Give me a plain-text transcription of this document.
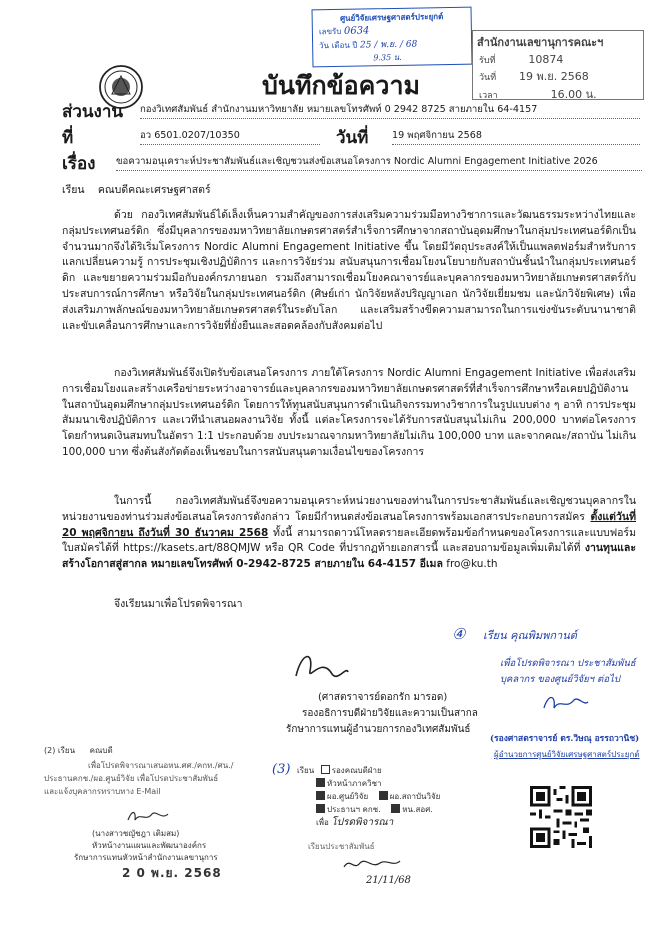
ศูนย์วิจัยเศรษฐศาสตร์ประยุกต์
เลขรับ 0634
วัน เดือน ปี 25 / พ.ย. / 68
9.35 น.
สำนักงานเลขานุการคณะฯ
รับที่	10874
วันที่ 19 พ.ย. 2568
เวลา	16.00 น.
บันทึกข้อความ
ส่วนงาน กองวิเทศสัมพันธ์ สำนักงานมหาวิทยาลัย หมายเลขโทรศัพท์ 0 2942 8725 สายภายใน 64-4157
ที่	อว 6501.0207/10350	วันที่ 19 พฤศจิกายน 2568
เรื่อง ขอความอนุเคราะห์ประชาสัมพันธ์และเชิญชวนส่งข้อเสนอโครงการ Nordic Alumni Engagement Initiative 2026
เรียน คณบดีคณะเศรษฐศาสตร์
ด้วย กองวิเทศสัมพันธ์ได้เล็งเห็นความสำคัญของการส่งเสริมความร่วมมือทางวิชาการและวัฒนธรรมระหว่างไทยและกลุ่มประเทศนอร์ดิก ซึ่งมีบุคลากรของมหาวิทยาลัยเกษตรศาสตร์สำเร็จการศึกษาจากสถาบันอุดมศึกษาในกลุ่มประเทศนอร์ดิกเป็นจำนวนมากจึงได้ริเริ่มโครงการ Nordic Alumni Engagement Initiative ขึ้น โดยมีวัตถุประสงค์ให้เป็นแพลตฟอร์มสำหรับการแลกเปลี่ยนความรู้ การประชุมเชิงปฏิบัติการ และการวิจัยร่วม สนับสนุนการเชื่อมโยงนโยบายกับสถาบันชั้นนำในกลุ่มประเทศนอร์ดิก และขยายความร่วมมือกับองค์กรภายนอก รวมถึงสามารถเชื่อมโยงคณาจารย์และบุคลากรของมหาวิทยาลัยเกษตรศาสตร์กับประสบการณ์การศึกษา หรือวิจัยในกลุ่มประเทศนอร์ดิก (ศิษย์เก่า นักวิจัยหลังปริญญาเอก นักวิจัยเยี่ยมชม และนักวิจัยพิเศษ) เพื่อส่งเสริมภาพลักษณ์ของมหาวิทยาลัยเกษตรศาสตร์ในระดับโลก และเสริมสร้างขีดความสามารถในการแข่งขันระดับนานาชาติ และขับเคลื่อนการศึกษาและการวิจัยที่ยั่งยืนและสอดคล้องกับสังคมต่อไป
กองวิเทศสัมพันธ์จึงเปิดรับข้อเสนอโครงการ ภายใต้โครงการ Nordic Alumni Engagement Initiative เพื่อส่งเสริมการเชื่อมโยงและสร้างเครือข่ายระหว่างอาจารย์และบุคลากรของมหาวิทยาลัยเกษตรศาสตร์ที่สำเร็จการศึกษาหรือเคยปฏิบัติงานในสถาบันอุดมศึกษากลุ่มประเทศนอร์ดิก โดยการให้ทุนสนับสนุนการดำเนินกิจกรรมทางวิชาการในรูปแบบต่าง ๆ อาทิ การประชุมสัมมนาเชิงปฏิบัติการ และเวทีนำเสนอผลงานวิจัย ทั้งนี้ แต่ละโครงการจะได้รับการสนับสนุนไม่เกิน 200,000 บาทต่อโครงการ โดยกำหนดเงินสมทบในอัตรา 1:1 ประกอบด้วย งบประมาณจากมหาวิทยาลัยไม่เกิน 100,000 บาท และจากคณะ/สถาบัน ไม่เกิน 100,000 บาท ซึ่งต้นสังกัดต้องเห็นชอบในการสนับสนุนตามเงื่อนไขของโครงการ
ในการนี้ กองวิเทศสัมพันธ์จึงขอความอนุเคราะห์หน่วยงานของท่านในการประชาสัมพันธ์และเชิญชวนบุคลากรในหน่วยงานของท่านร่วมส่งข้อเสนอโครงการดังกล่าว โดยมีกำหนดส่งข้อเสนอโครงการพร้อมเอกสารประกอบการสมัคร ตั้งแต่วันที่ 20 พฤศจิกายน ถึงวันที่ 30 ธันวาคม 2568 ทั้งนี้ สามารถดาวน์โหลดรายละเอียดพร้อมข้อกำหนดของโครงการและแบบฟอร์มใบสมัครได้ที่ https://kasets.art/88QMJW หรือ QR Code ที่ปรากฏท้ายเอกสารนี้ และสอบถามข้อมูลเพิ่มเติมได้ที่ งานทุนและสร้างโอกาสสู่สากล หมายเลขโทรศัพท์ 0-2942-8725 สายภายใน 64-4157 อีเมล fro@ku.th
จึงเรียนมาเพื่อโปรดพิจารณา
(ศาสตราจารย์ดอกรัก มารอด)
รองอธิการบดีฝ่ายวิจัยและความเป็นสากล
รักษาการแทนผู้อำนวยการกองวิเทศสัมพันธ์
(2) เรียน คณบดี
เพื่อโปรดพิจารณาเสนอหน.ศศ./คกท./ศน./
ประธานคกช./ผอ.ศูนย์วิจัย เพื่อโปรดประชาสัมพันธ์
และแจ้งบุคลากรทราบทาง E-Mail
(นางสาวชญัชฎา เติมสม)
หัวหน้างานแผนและพัฒนาองค์กร
รักษาการแทนหัวหน้าสำนักงานเลขานุการ
2 0 พ.ย. 2568
(3) เรียน รองคณบดีฝ่าย
หัวหน้าภาควิชา
ผอ.ศูนย์วิจัย	ผอ.สถาบันวิจัย
ประธานฯ คกช.	หน.สอศ.
เพื่อ โปรดพิจารณา
เรียนประชาสัมพันธ์
21/11/68
④ เรียน คุณพิมพกานต์
เพื่อโปรดพิจารณา ประชาสัมพันธ์
บุคลากร ของศูนย์วิจัยฯ ต่อไป
(รองศาสตราจารย์ ดร.วิษณุ อรรถวานิช)
ผู้อำนวยการศูนย์วิจัยเศรษฐศาสตร์ประยุกต์
